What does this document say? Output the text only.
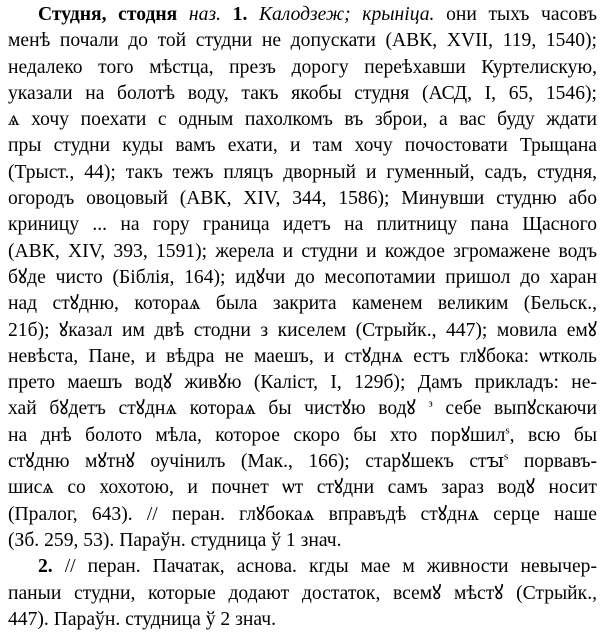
Студня, стодня наз. 1. Калодзеж; крыніца. они тыхъ часовъ
менѣ почали до той студни не допускати (АВК, XVII, 119, 1540);
недалеко того мѣстца, презъ дорогу переѣхавши Куртелискую,
указали на болотѣ воду, такъ якобы студня (АСД, I, 65, 1546);
ѧ хочу поехати с одным пахолкомъ въ зброи, а вас буду ждати
пры студни куды вамъ ехати, и там хочу почостовати Трыщана
(Трыст., 44); такъ тежъ пляцъ дворный и гуменный, садъ, студня,
огородъ овоцовый (АВК, XIV, 344, 1586); Минувши студню або
криницу ... на гору граница идетъ на плитницу пана Щасного
(АВК, XIV, 393, 1591); жерела и студни и кождое згромажене водъ
бꙋде чисто (Біблія, 164); идꙋчи до месопотамии пришол до харан
над стꙋдню, котораѧ была закрита каменем великим (Бельск.,
21б); ꙋказал им двѣ стодни з киселем (Стрыйк., 447); мовила емꙋ
невѣста, Пане, и вѣдра не маешъ, и стꙋднѧ естъ глꙋбока: ѡтколь
прето маешъ водꙋ живꙋю (Каліст, I, 129б); Дамъ прикладъ: не-
хай бꙋдетъ стꙋднѧ котораѧ бы чистꙋю водꙋ $^з$ себе выпꙋскаючи
на днѣ болото мѣла, которое скоро бы хто порꙋшил$^s$, всю бы
стꙋдню мꙋтнꙋ оучінилъ (Мак., 166); старꙋшекъ стꙑ$^s$ порвавъ-
шисѧ со хохотою, и почнет ѡт стꙋдни самъ зараз водꙋ носит
(Пралог, 643). // перан. глꙋбокаѧ вправъдѣ стꙋднѧ серце наше
(Зб. 259, 53). Параўн. студница ў 1 знач.
2. // перан. Пачатак, аснова. кгды мае м живности невычер-
паныи студни, которые додают достаток, всемꙋ мѣстꙋ (Стрыйк.,
447). Параўн. студница ў 2 знач.
